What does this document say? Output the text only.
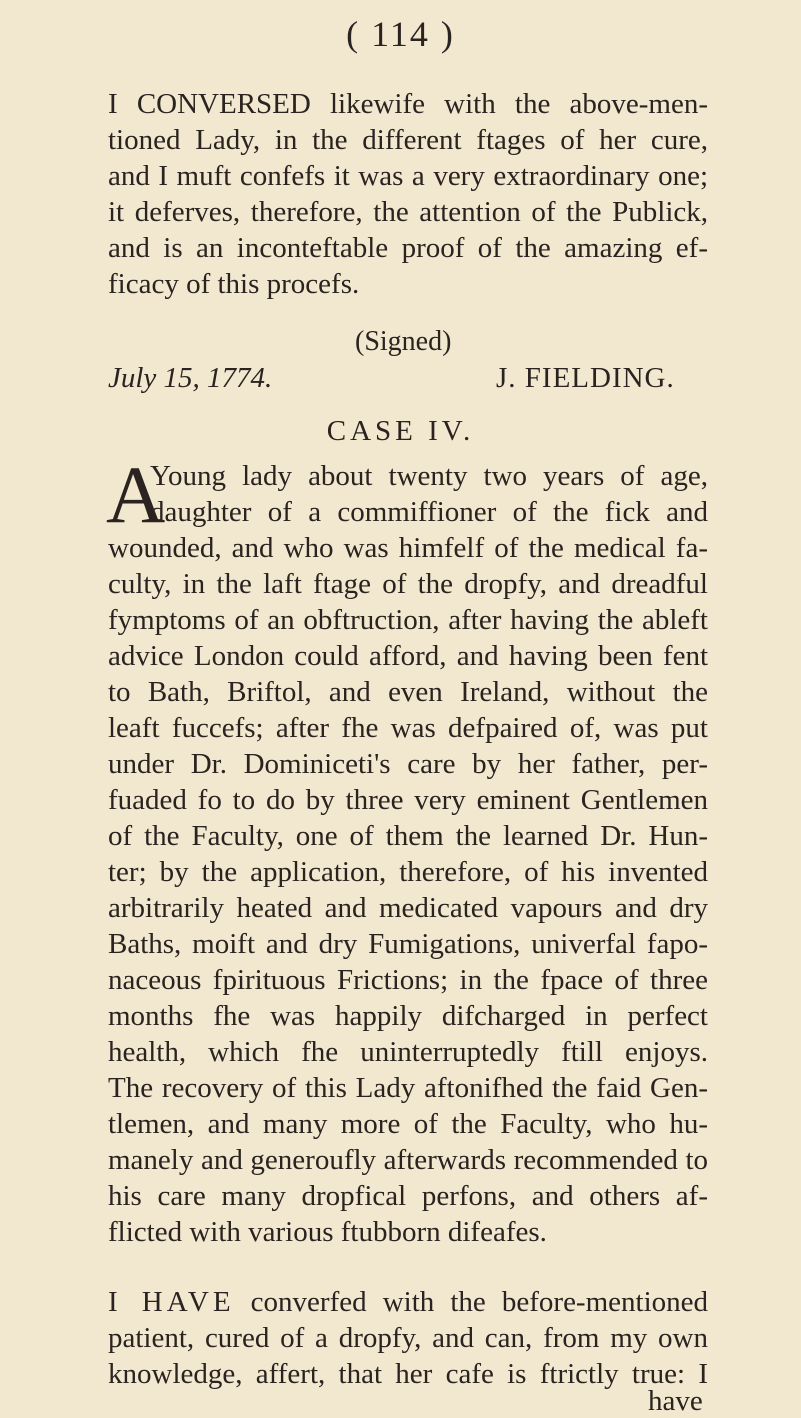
( 114 )
I CONVERSED likewife with the above-men-
tioned Lady, in the different ftages of her cure,
and I muft confefs it was a very extraordinary one;
it deferves, therefore, the attention of the Publick,
and is an inconteftable proof of the amazing ef-
ficacy of this procefs.
(Signed)
July 15, 1774.	J. FIELDING.
CASE IV.
A
Young lady about twenty two years of age,
daughter of a commiffioner of the fick and
wounded, and who was himfelf of the medical fa-
culty, in the laft ftage of the dropfy, and dreadful
fymptoms of an obftruction, after having the ableft
advice London could afford, and having been fent
to Bath, Briftol, and even Ireland, without the
leaft fuccefs; after fhe was defpaired of, was put
under Dr. Dominiceti's care by her father, per-
fuaded fo to do by three very eminent Gentlemen
of the Faculty, one of them the learned Dr. Hun-
ter; by the application, therefore, of his invented
arbitrarily heated and medicated vapours and dry
Baths, moift and dry Fumigations, univerfal fapo-
naceous fpirituous Frictions; in the fpace of three
months fhe was happily difcharged in perfect
health, which fhe uninterruptedly ftill enjoys.
The recovery of this Lady aftonifhed the faid Gen-
tlemen, and many more of the Faculty, who hu-
manely and generoufly afterwards recommended to
his care many dropfical perfons, and others af-
flicted with various ftubborn difeafes.
I HAVE converfed with the before-mentioned
patient, cured of a dropfy, and can, from my own
knowledge, affert, that her cafe is ftrictly true: I
have
